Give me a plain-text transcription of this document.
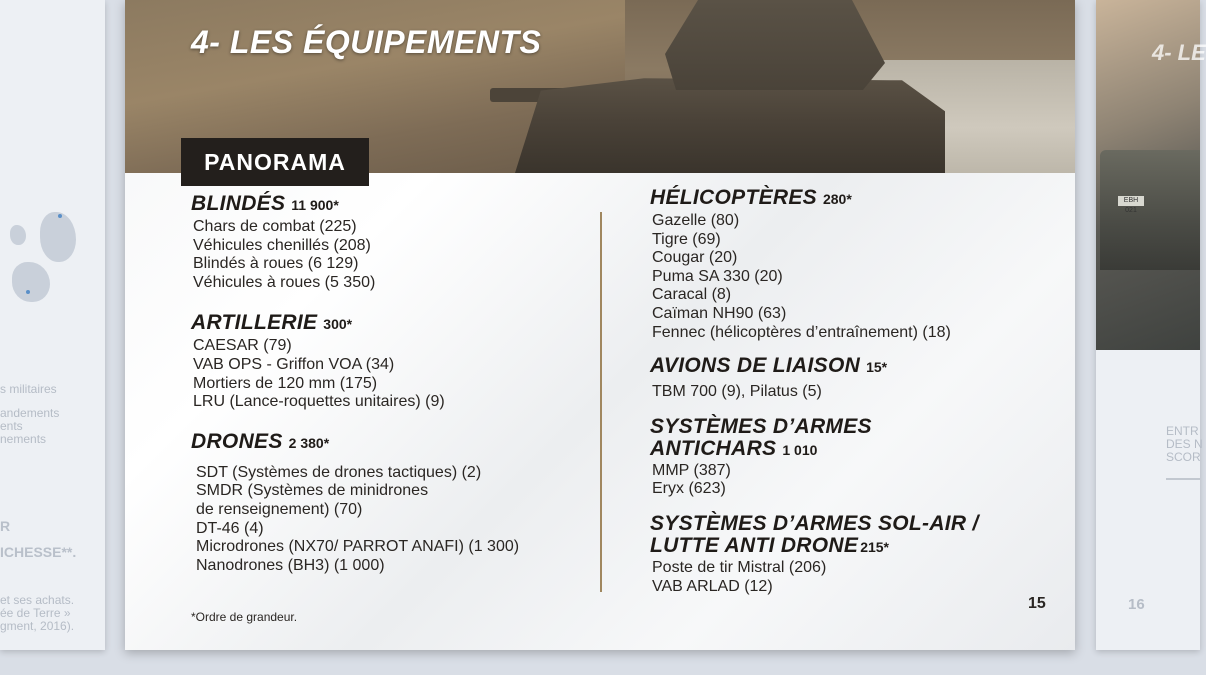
s militaires
andements
ents
nements
R
ICHESSE**.
et ses achats.
ée de Terre »
gment, 2016).
EBH 021
4- LE
ENTR
DES N
SCOR
16
4- LES ÉQUIPEMENTS
PANORAMA
BLINDÉS 11 900*
Chars de combat (225)
Véhicules chenillés (208)
Blindés à roues (6 129)
Véhicules à roues (5 350)
ARTILLERIE 300*
CAESAR (79)
VAB OPS - Griffon VOA (34)
Mortiers de 120 mm (175)
LRU (Lance-roquettes unitaires) (9)
DRONES 2 380*
SDT (Systèmes de drones tactiques) (2)
SMDR (Systèmes de minidrones
de renseignement) (70)
DT-46 (4)
Microdrones (NX70/ PARROT ANAFI) (1 300)
Nanodrones (BH3) (1 000)
HÉLICOPTÈRES 280*
Gazelle (80)
Tigre (69)
Cougar (20)
Puma SA 330 (20)
Caracal (8)
Caïman NH90 (63)
Fennec (hélicoptères d’entraînement) (18)
AVIONS DE LIAISON 15*
TBM 700 (9), Pilatus (5)
SYSTÈMES D’ARMES
ANTICHARS 1 010
MMP (387)
Eryx (623)
SYSTÈMES D’ARMES SOL-AIR /
LUTTE ANTI DRONE 215*
Poste de tir Mistral (206)
VAB ARLAD (12)
*Ordre de grandeur.
15
